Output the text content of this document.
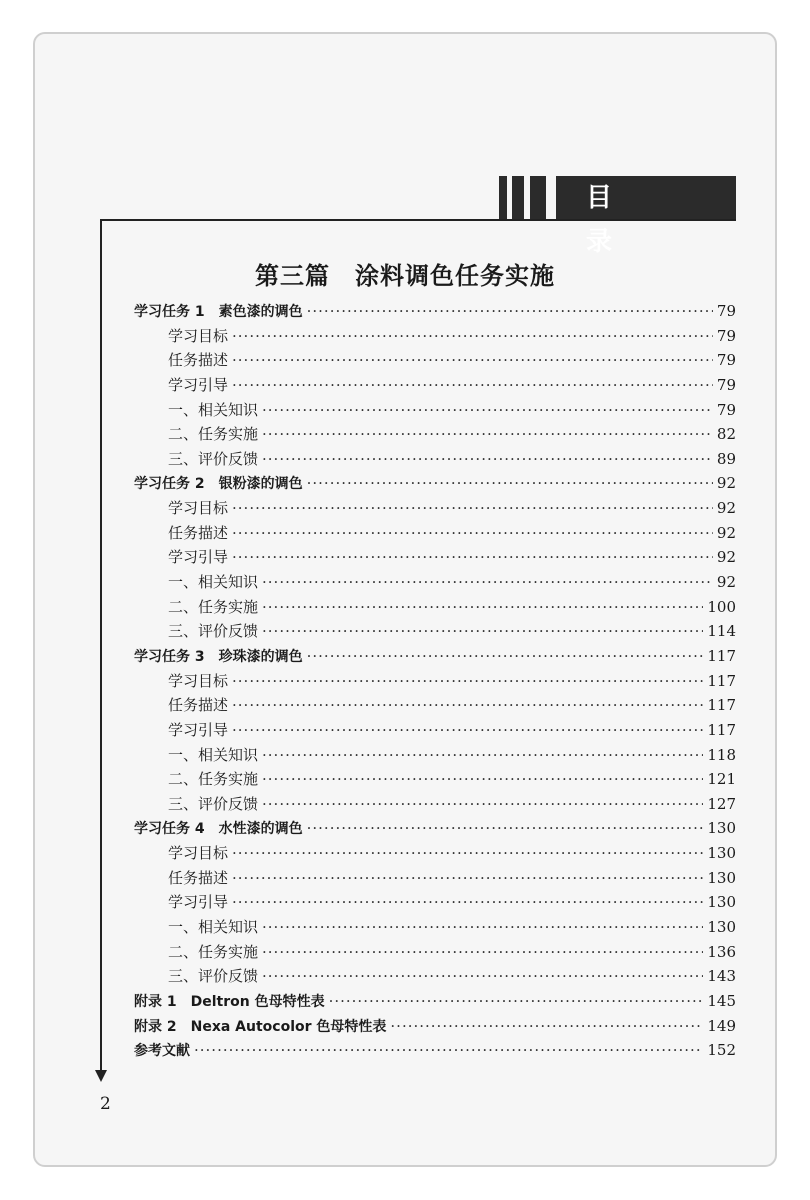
目 录
第三篇　涂料调色任务实施
学习任务 1　素色漆的调色 ·····	79
学习目标 ·····	79
任务描述 ·····	79
学习引导 ·····	79
一、相关知识 ·····	79
二、任务实施 ·····	82
三、评价反馈 ·····	89
学习任务 2　银粉漆的调色 ·····	92
学习目标 ·····	92
任务描述 ·····	92
学习引导 ·····	92
一、相关知识 ·····	92
二、任务实施 ·····	100
三、评价反馈 ·····	114
学习任务 3　珍珠漆的调色 ·····	117
学习目标 ·····	117
任务描述 ·····	117
学习引导 ·····	117
一、相关知识 ·····	118
二、任务实施 ·····	121
三、评价反馈 ·····	127
学习任务 4　水性漆的调色 ·····	130
学习目标 ·····	130
任务描述 ·····	130
学习引导 ·····	130
一、相关知识 ·····	130
二、任务实施 ·····	136
三、评价反馈 ·····	143
附录 1　Deltron 色母特性表 ·····	145
附录 2　Nexa Autocolor 色母特性表 ·····	149
参考文献 ·····	152
2
